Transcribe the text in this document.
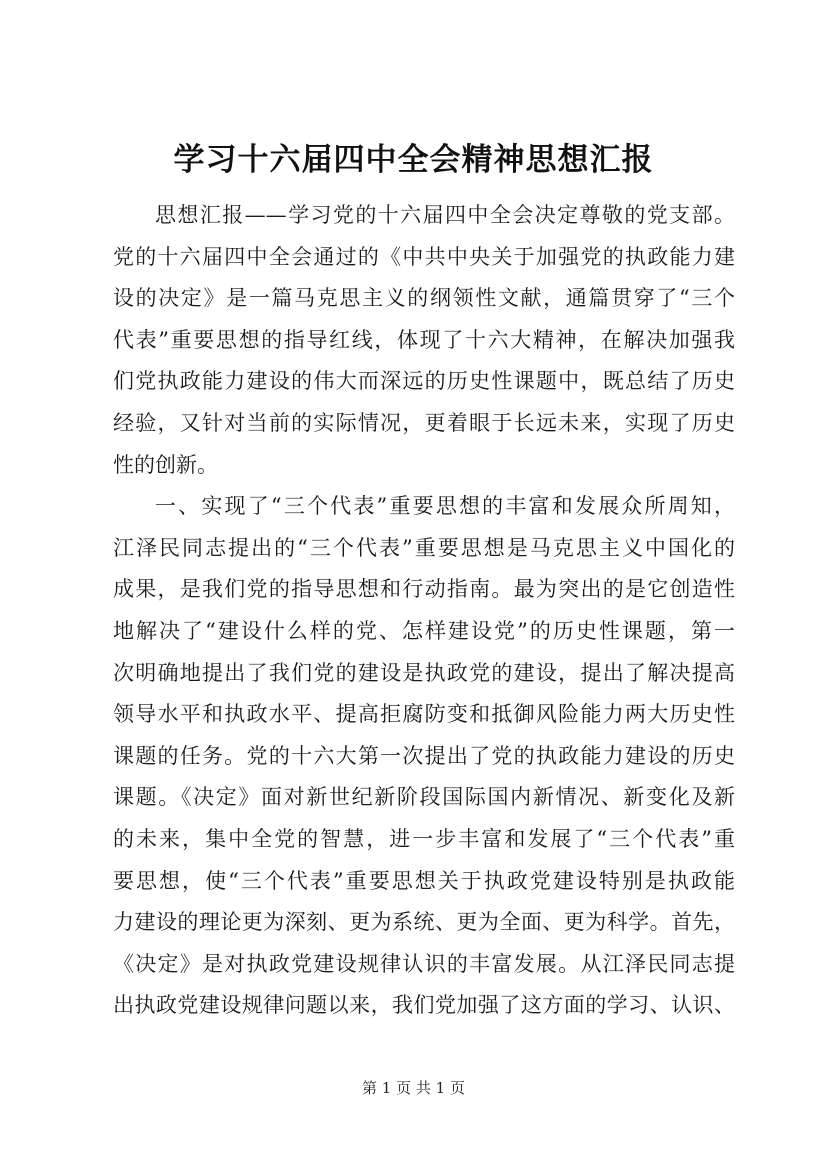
学习十六届四中全会精神思想汇报
思想汇报——学习党的十六届四中全会决定尊敬的党支部。
党的十六届四中全会通过的《中共中央关于加强党的执政能力建
设的决定》是一篇马克思主义的纲领性文献，通篇贯穿了“三个
代表”重要思想的指导红线，体现了十六大精神，在解决加强我
们党执政能力建设的伟大而深远的历史性课题中，既总结了历史
经验，又针对当前的实际情况，更着眼于长远未来，实现了历史
性的创新。
一、实现了“三个代表”重要思想的丰富和发展众所周知，
江泽民同志提出的“三个代表”重要思想是马克思主义中国化的
成果，是我们党的指导思想和行动指南。最为突出的是它创造性
地解决了“建设什么样的党、怎样建设党”的历史性课题，第一
次明确地提出了我们党的建设是执政党的建设，提出了解决提高
领导水平和执政水平、提高拒腐防变和抵御风险能力两大历史性
课题的任务。党的十六大第一次提出了党的执政能力建设的历史
课题。《决定》面对新世纪新阶段国际国内新情况、新变化及新
的未来，集中全党的智慧，进一步丰富和发展了“三个代表”重
要思想，使“三个代表”重要思想关于执政党建设特别是执政能
力建设的理论更为深刻、更为系统、更为全面、更为科学。首先，
《决定》是对执政党建设规律认识的丰富发展。从江泽民同志提
出执政党建设规律问题以来，我们党加强了这方面的学习、认识、
第 1 页 共 1 页
